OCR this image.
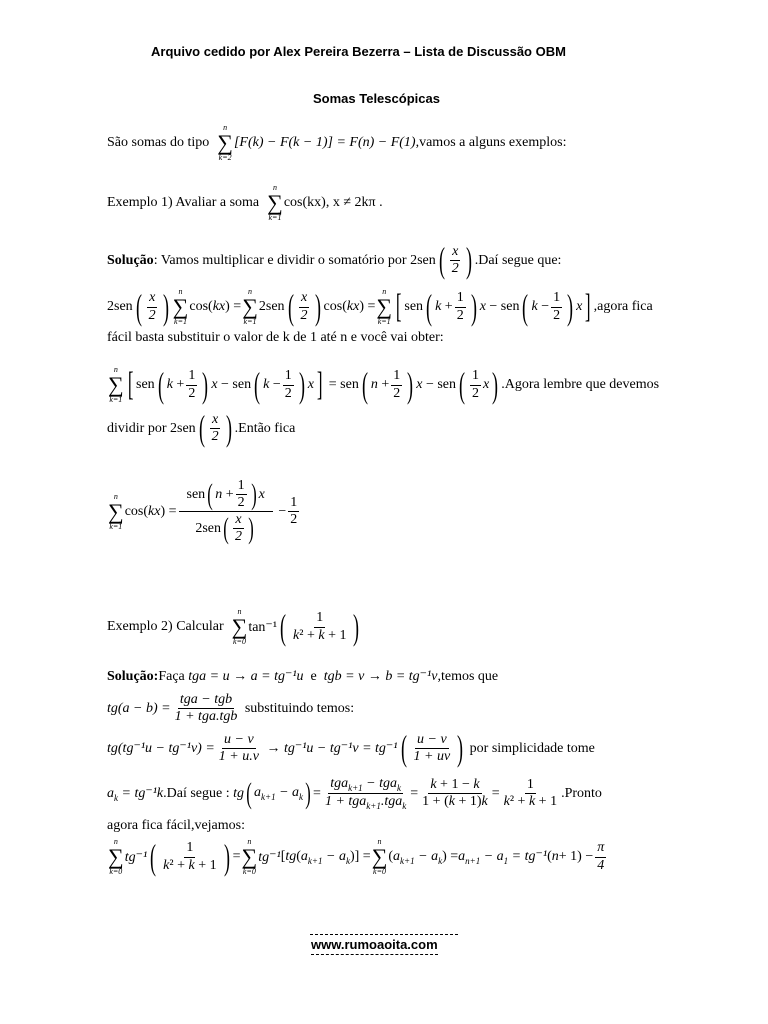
Arquivo cedido por Alex Pereira Bezerra – Lista de Discussão OBM
Somas Telescópicas
São somas do tipo

n
∑
k=2
[F(k) − F(k − 1)] = F(n) − F(1) ,vamos a alguns exemplos:
Exemplo 1) Avaliar a soma

n
∑
k=1
cos(kx), x ≠ 2kπ .
Solução : Vamos multiplicar e dividir o somatório por 2sen ( $\frac{x}{2}$ ) .Daí segue que:
2sen ( $\frac{x}{2}$ ) n
∑
k=1
cos(kx) =
n
∑
k=1
2sen ( $\frac{x}{2}$ ) cos(kx) =
n
∑
k=1 [ sen ( $k + \frac{1}{2}$ ) x − sen ( $k - \frac{1}{2}$ ) x ] ,agora fica
fácil basta substituir o valor de k de 1 até n e você vai obter:
n
∑
k=1 [ sen ( $k + \frac{1}{2}$ ) x − sen ( $k - \frac{1}{2}$ ) x ] = sen ( $n + \frac{1}{2}$ ) x − sen ( $\frac{1}{2}$ x ) .Agora lembre que devemos
dividir por 2sen ( $\frac{x}{2}$ ) .Então fica
n
∑
k=1
$\cos(kx) = \frac{sen( n + \frac{1}{2} ) x}{2sen( \frac{x}{2} )} - \frac{1}{2}$
Exemplo 2) Calcular

n
∑
k=0
tan⁻¹ ( $\frac{1}{\text{k² + k + 1}}$ )
Solução: Faça tga = u → a = tg⁻¹u e tgb = v → b = tg⁻¹v ,temos que
$tg(a - b) = \frac{\text{tga − tgb}}{\text{1 + tga.tgb}}$
substituindo temos:
$tg(tg^{-1}u - tg^{-1}v) = \frac{u - v}{1 + u.v} \to tg^{-1}u - tg^{-1}v = tg^{-1}$ ( $\frac{u - v}{1 + uv}$ )
por simplicidade tome
$a_k = tg^{-1}k$ .Daí segue :
tg ( $a_{k+1} - a_k$ ) = $\frac{tga_{k+1} - tga_k}{1 + tga_{k+1}.tga_k} = \frac{k + 1 - k}{1 + (k + 1)k} = \frac{1}{\text{k² + k + 1}}$ .Pronto
agora fica fácil,vejamos:
n
∑
k=0
tg⁻¹ ( $\frac{1}{\text{k² + k + 1}}$ ) =
n
∑
k=0
tg⁻¹ [ tg ( $a_{k+1} - a_k$ )] =
n
∑
k=0
( $a_{k+1} - a_k$ ) = $a_{n+1} - a_1 = tg^{-1}$ ( $n + 1) - \frac{\pi}{4}$
www.rumoaoita.com
